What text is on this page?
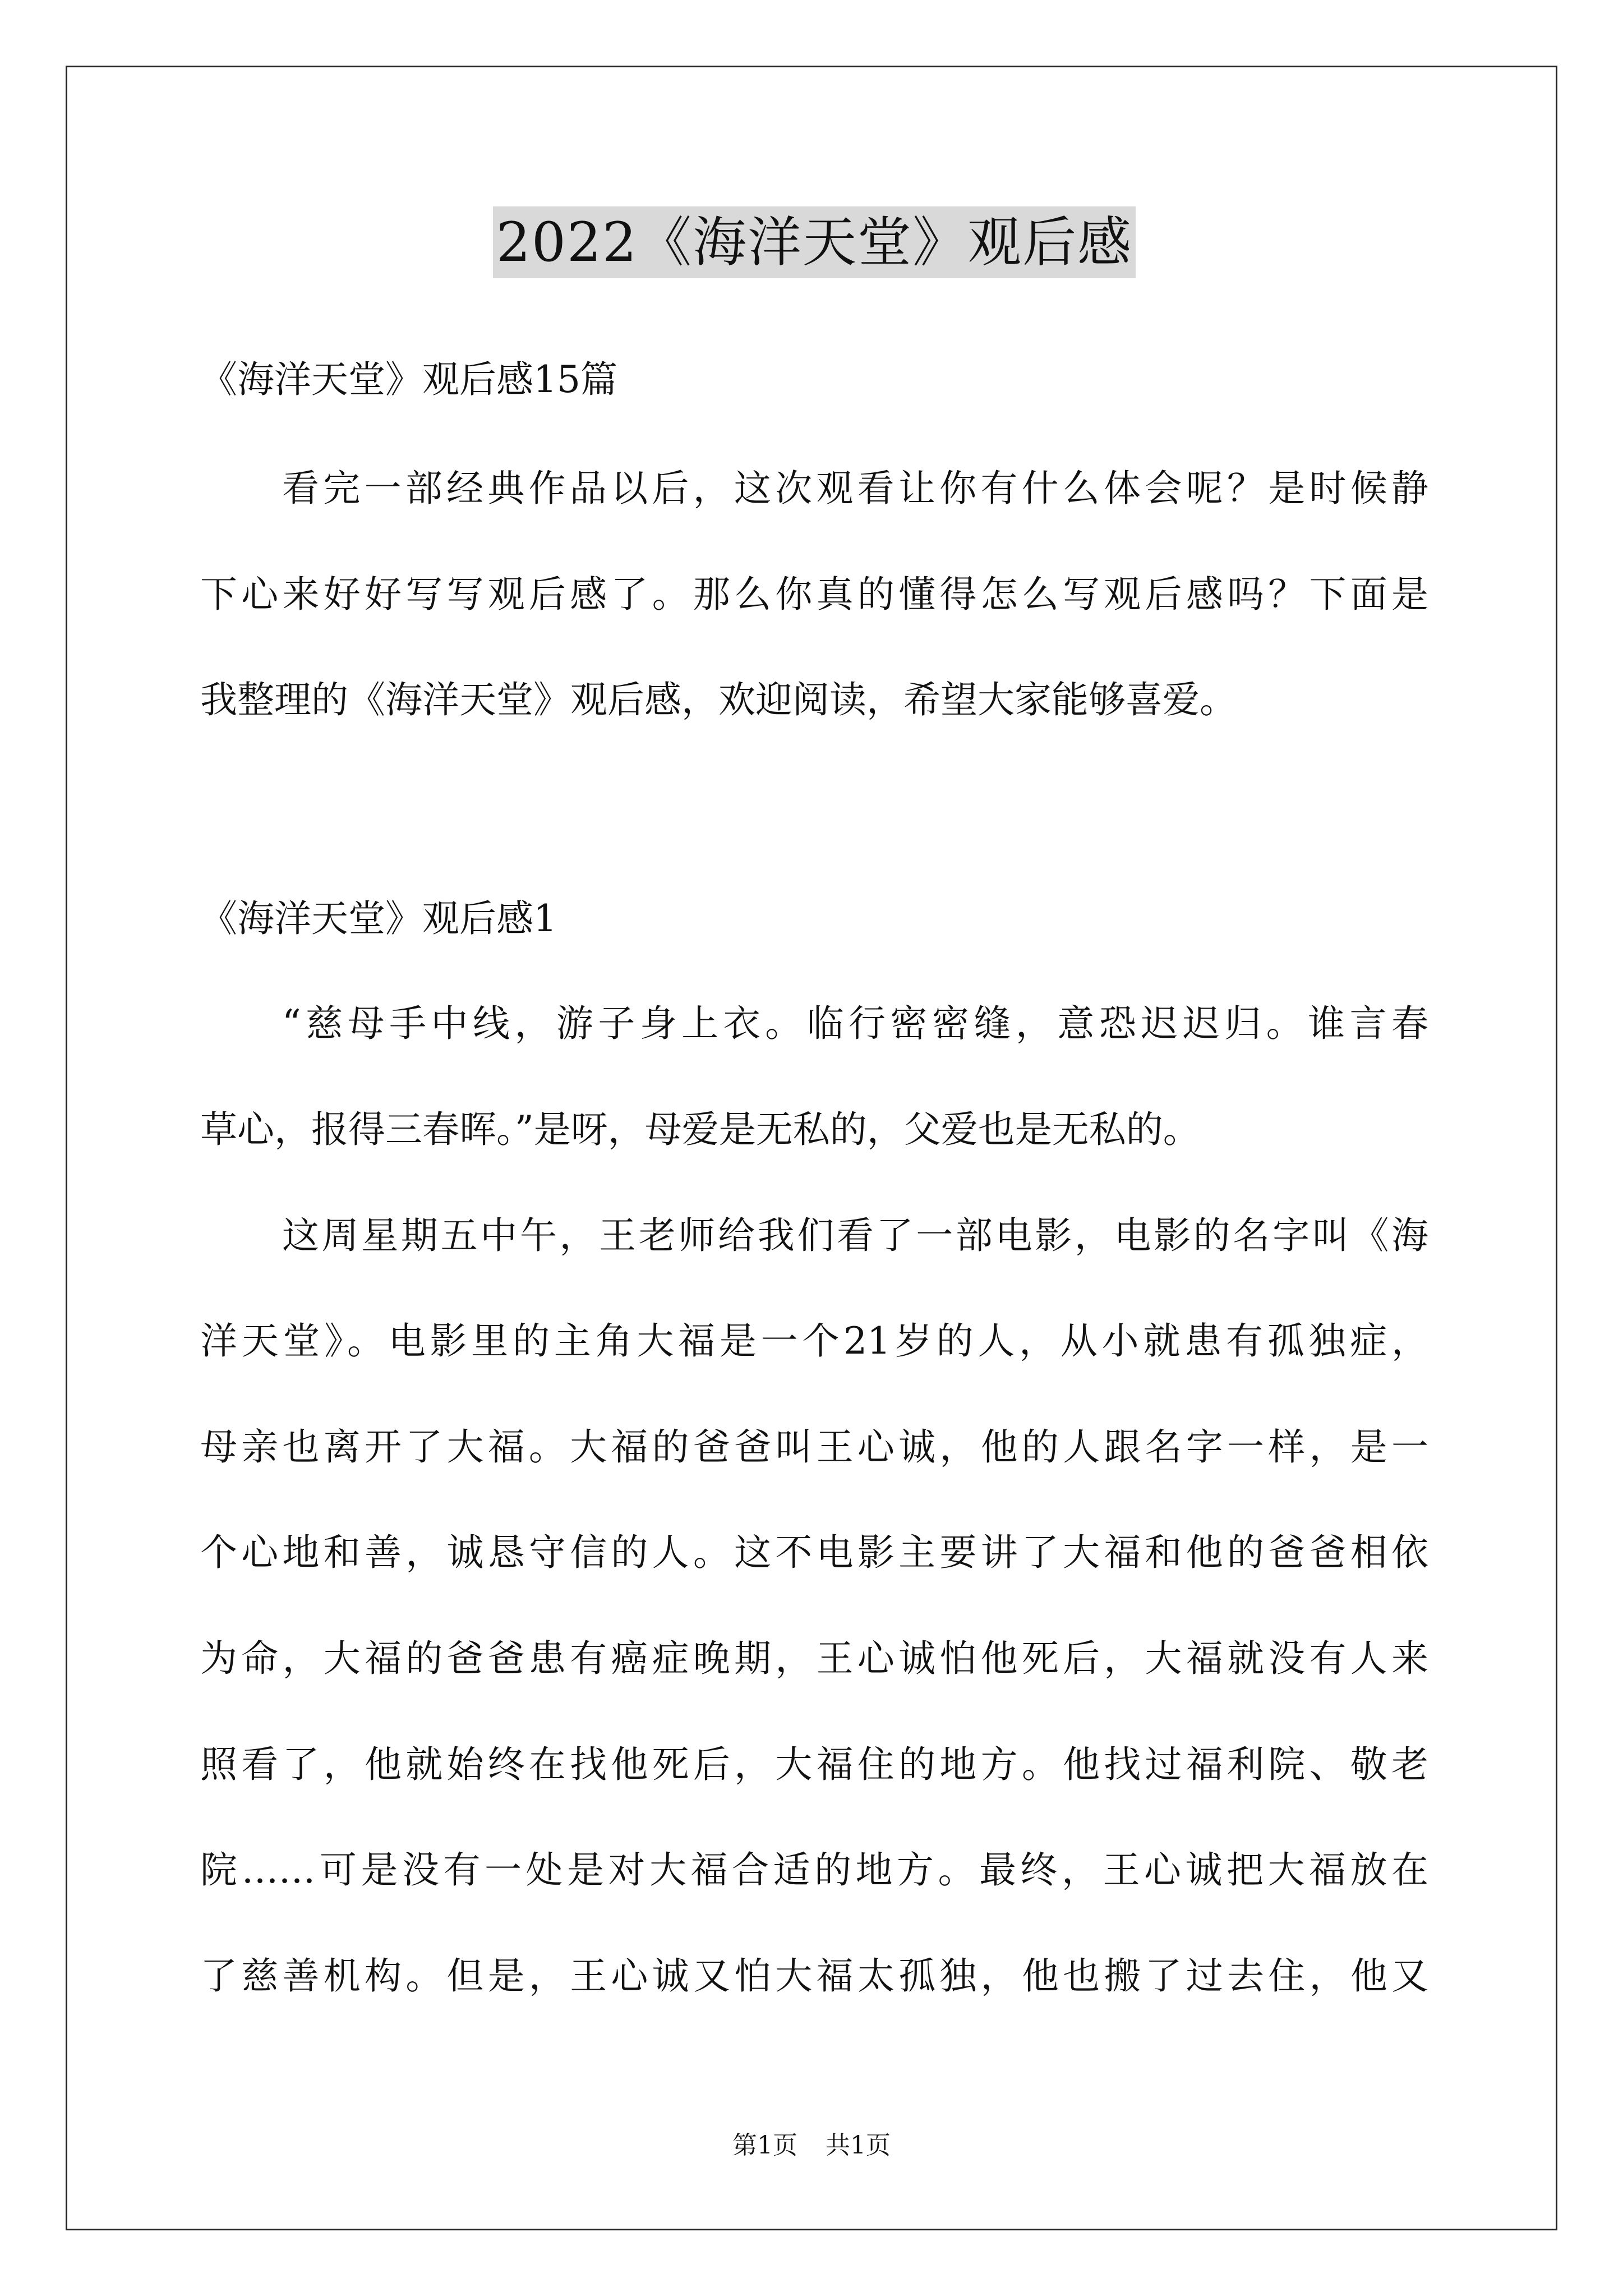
2022《海洋天堂》观后感
《海洋天堂》观后感15篇
看完一部经典作品以后，这次观看让你有什么体会呢？是时候静
下心来好好写写观后感了。那么你真的懂得怎么写观后感吗？下面是
我整理的《海洋天堂》观后感，欢迎阅读，希望大家能够喜爱。
《海洋天堂》观后感1
“慈母手中线，游子身上衣。临行密密缝，意恐迟迟归。谁言春
草心，报得三春晖。”是呀，母爱是无私的，父爱也是无私的。
这周星期五中午，王老师给我们看了一部电影，电影的名字叫《海
洋天堂》。电影里的主角大福是一个21岁的人，从小就患有孤独症，
母亲也离开了大福。大福的爸爸叫王心诚，他的人跟名字一样，是一
个心地和善，诚恳守信的人。这不电影主要讲了大福和他的爸爸相依
为命，大福的爸爸患有癌症晚期，王心诚怕他死后，大福就没有人来
照看了，他就始终在找他死后，大福住的地方。他找过福利院、敬老
院……可是没有一处是对大福合适的地方。最终，王心诚把大福放在
了慈善机构。但是，王心诚又怕大福太孤独，他也搬了过去住，他又
第1页 共1页
